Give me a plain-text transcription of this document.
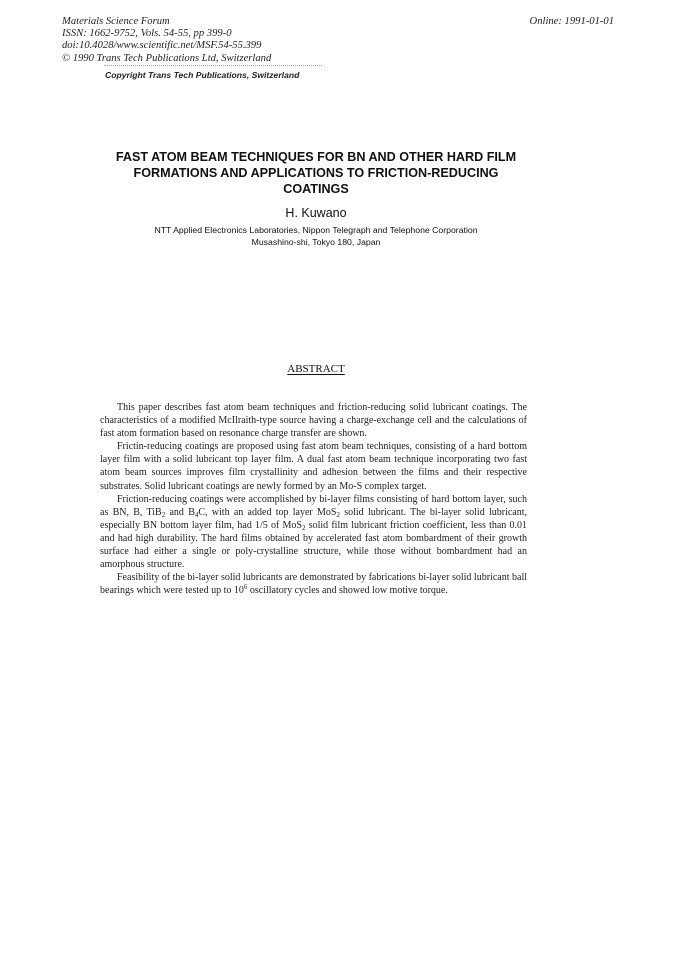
Materials Science Forum
ISSN: 1662-9752, Vols. 54-55, pp 399-0
doi:10.4028/www.scientific.net/MSF.54-55.399
© 1990 Trans Tech Publications Ltd, Switzerland
Online: 1991-01-01
Copyright Trans Tech Publications, Switzerland
FAST ATOM BEAM TECHNIQUES FOR BN AND OTHER HARD FILM
FORMATIONS AND APPLICATIONS TO FRICTION-REDUCING
COATINGS
H. Kuwano
NTT Applied Electronics Laboratories, Nippon Telegraph and Telephone Corporation
Musashino-shi, Tokyo 180, Japan
ABSTRACT

This paper describes fast atom beam techniques and friction-reducing solid lubricant coatings. The characteristics of a modified McIlraith-type source having a charge-exchange cell and the calculations of fast atom formation based on resonance charge transfer are shown.

Frictin-reducing coatings are proposed using fast atom beam techniques, consisting of a hard bottom layer film with a solid lubricant top layer film. A dual fast atom beam technique incorporating two fast atom beam sources improves film crystallinity and adhesion between the films and their respective substrates. Solid lubricant coatings are newly formed by an Mo-S complex target.

Friction-reducing coatings were accomplished by bi-layer films consisting of hard bottom layer, such as BN, B, TiB$_2$ and $B_4C$, with an added top layer MoS$_2$ solid lubricant. The bi-layer solid lubricant, especially BN bottom layer film, had 1/5 of MoS$_2$ solid film lubricant friction coefficient, less than 0.01 and had high durability. The hard films obtained by accelerated fast atom bombardment of their growth surface had either a single or poly-crystalline structure, while those without bombardment had an amorphous structure.

Feasibility of the bi-layer solid lubricants are demonstrated by fabrications bi-layer solid lubricant ball bearings which were tested up to $10^6$ oscillatory cycles and showed low motive torque.
